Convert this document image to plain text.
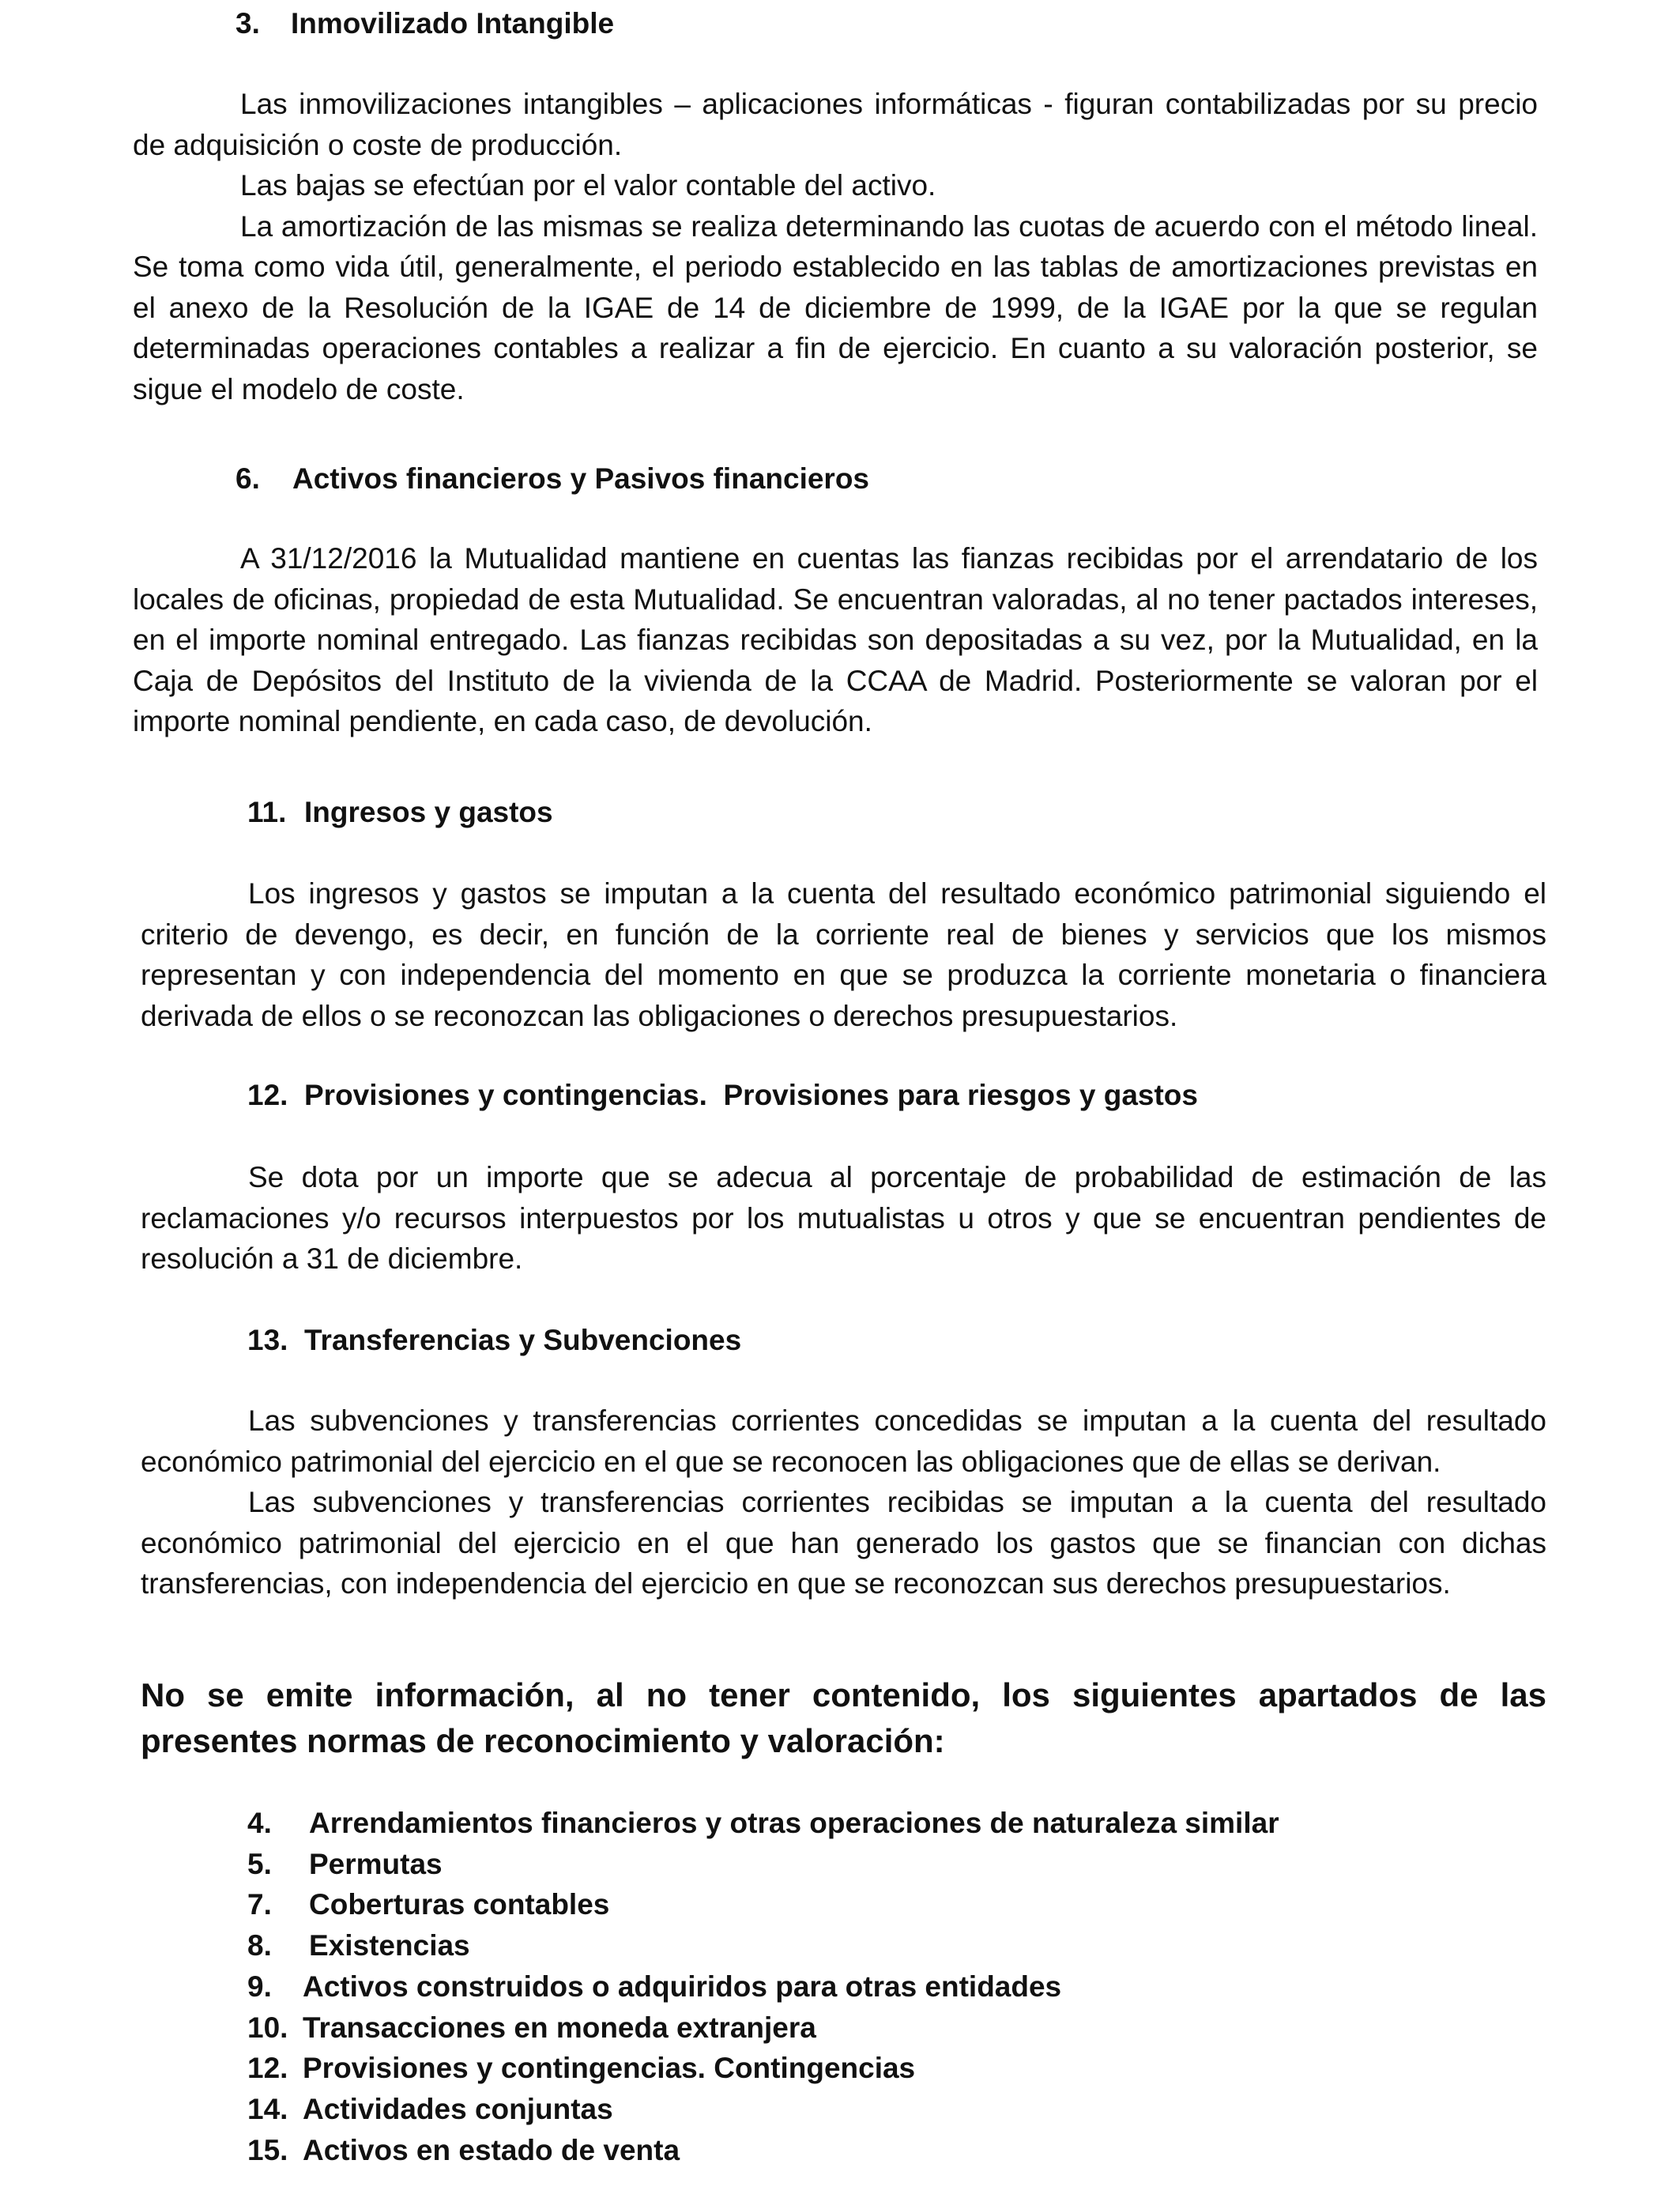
3. Inmovilizado Intangible

Las inmovilizaciones intangibles – aplicaciones informáticas - figuran contabilizadas por su precio de adquisición o coste de producción.

Las bajas se efectúan por el valor contable del activo.

La amortización de las mismas se realiza determinando las cuotas de acuerdo con el método lineal. Se toma como vida útil, generalmente, el periodo establecido en las tablas de amortizaciones previstas en el anexo de la Resolución de la IGAE de 14 de diciembre de 1999, de la IGAE por la que se regulan determinadas operaciones contables a realizar a fin de ejercicio. En cuanto a su valoración posterior, se sigue el modelo de coste.

6. Activos financieros y Pasivos financieros

A 31/12/2016 la Mutualidad mantiene en cuentas las fianzas recibidas por el arrendatario de los locales de oficinas, propiedad de esta Mutualidad. Se encuentran valoradas, al no tener pactados intereses, en el importe nominal entregado. Las fianzas recibidas son depositadas a su vez, por la Mutualidad, en la Caja de Depósitos del Instituto de la vivienda de la CCAA de Madrid. Posteriormente se valoran por el importe nominal pendiente, en cada caso, de devolución.

11. Ingresos y gastos

Los ingresos y gastos se imputan a la cuenta del resultado económico patrimonial siguiendo el criterio de devengo, es decir, en función de la corriente real de bienes y servicios que los mismos representan y con independencia del momento en que se produzca la corriente monetaria o financiera derivada de ellos o se reconozcan las obligaciones o derechos presupuestarios.

12. Provisiones y contingencias.  Provisiones para riesgos y gastos

Se dota por un importe que se adecua al porcentaje de probabilidad de estimación de las reclamaciones y/o recursos interpuestos por los mutualistas u otros y que se encuentran pendientes de resolución a 31 de diciembre.

13. Transferencias y Subvenciones

Las subvenciones y transferencias corrientes concedidas se imputan a la cuenta del resultado económico patrimonial del ejercicio en el que se reconocen las obligaciones que de ellas se derivan.

Las subvenciones y transferencias corrientes recibidas se imputan a la cuenta del resultado económico patrimonial del ejercicio en el que han generado los gastos que se financian con dichas transferencias, con independencia del ejercicio en que se reconozcan sus derechos presupuestarios.

No se emite información, al no tener contenido, los siguientes apartados de las presentes normas de reconocimiento y valoración:
4. Arrendamientos financieros y otras operaciones de naturaleza similar
5. Permutas
7. Coberturas contables
8. Existencias
9. Activos construidos o adquiridos para otras entidades
10. Transacciones en moneda extranjera
12. Provisiones y contingencias. Contingencias
14. Actividades conjuntas
15. Activos en estado de venta
